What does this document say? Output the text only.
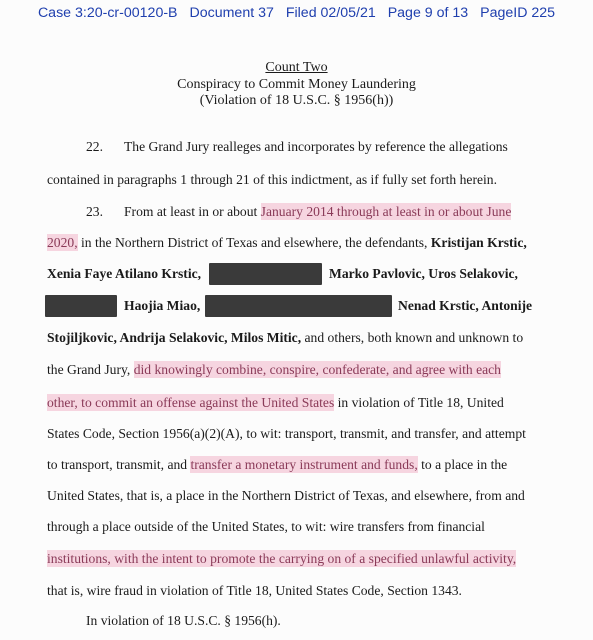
Case 3:20-cr-00120-B Document 37 Filed 02/05/21 Page 9 of 13 PageID 225
Count Two
Conspiracy to Commit Money Laundering
(Violation of 18 U.S.C. § 1956(h))
22. The Grand Jury realleges and incorporates by reference the allegations
contained in paragraphs 1 through 21 of this indictment, as if fully set forth herein.
23. From at least in or about January 2014 through at least in or about June
2020, in the Northern District of Texas and elsewhere, the defendants, Kristijan Krstic,
Xenia Faye Atilano Krstic,	Marko Pavlovic, Uros Selakovic,
Haojia Miao,	Nenad Krstic, Antonije
Stojiljkovic, Andrija Selakovic, Milos Mitic, and others, both known and unknown to
the Grand Jury, did knowingly combine, conspire, confederate, and agree with each
other, to commit an offense against the United States in violation of Title 18, United
States Code, Section 1956(a)(2)(A), to wit: transport, transmit, and transfer, and attempt
to transport, transmit, and transfer a monetary instrument and funds, to a place in the
United States, that is, a place in the Northern District of Texas, and elsewhere, from and
through a place outside of the United States, to wit: wire transfers from financial
institutions, with the intent to promote the carrying on of a specified unlawful activity,
that is, wire fraud in violation of Title 18, United States Code, Section 1343.
In violation of 18 U.S.C. § 1956(h).
